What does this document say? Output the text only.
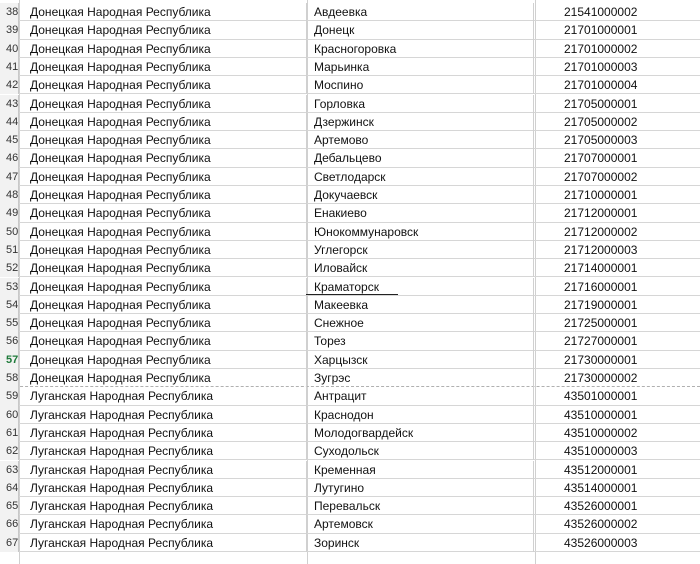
38 Донецкая Народная Республика	Авдеевка	21541000002
39 Донецкая Народная Республика	Донецк	21701000001
40 Донецкая Народная Республика	Красногоровка	21701000002
41 Донецкая Народная Республика	Марьинка	21701000003
42 Донецкая Народная Республика	Моспино	21701000004
43 Донецкая Народная Республика	Горловка	21705000001
44 Донецкая Народная Республика	Дзержинск	21705000002
45 Донецкая Народная Республика	Артемово	21705000003
46 Донецкая Народная Республика	Дебальцево	21707000001
47 Донецкая Народная Республика	Светлодарск	21707000002
48 Донецкая Народная Республика	Докучаевск	21710000001
49 Донецкая Народная Республика	Енакиево	21712000001
50 Донецкая Народная Республика	Юнокоммунаровск	21712000002
51 Донецкая Народная Республика	Углегорск	21712000003
52 Донецкая Народная Республика	Иловайск	21714000001
53 Донецкая Народная Республика	Краматорск	21716000001
54 Донецкая Народная Республика	Макеевка	21719000001
55 Донецкая Народная Республика	Снежное	21725000001
56 Донецкая Народная Республика	Торез	21727000001
57 Донецкая Народная Республика	Харцызск	21730000001
58 Донецкая Народная Республика	Зугрэс	21730000002
59 Луганская Народная Республика	Антрацит	43501000001
60 Луганская Народная Республика	Краснодон	43510000001
61 Луганская Народная Республика	Молодогвардейск	43510000002
62 Луганская Народная Республика	Суходольск	43510000003
63 Луганская Народная Республика	Кременная	43512000001
64 Луганская Народная Республика	Лутугино	43514000001
65 Луганская Народная Республика	Перевальск	43526000001
66 Луганская Народная Республика	Артемовск	43526000002
67 Луганская Народная Республика	Зоринск	43526000003
